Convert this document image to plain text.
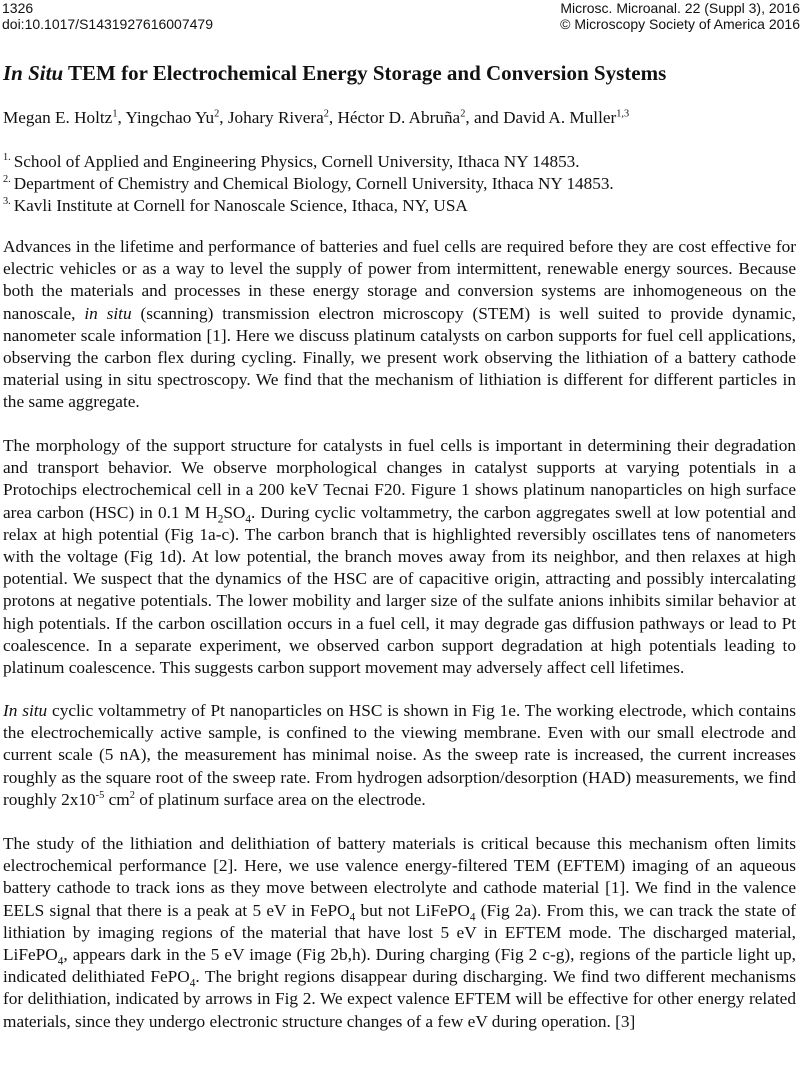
1326
doi:10.1017/S1431927616007479
Microsc. Microanal. 22 (Suppl 3), 2016
© Microscopy Society of America 2016
In Situ TEM for Electrochemical Energy Storage and Conversion Systems
Megan E. Holtz$^1$, Yingchao Yu$^2$, Johary Rivera$^2$, Héctor D. Abruña$^2$, and David A. Muller$^{1,3}$
$^{1.}$ School of Applied and Engineering Physics, Cornell University, Ithaca NY 14853.
$^{2.}$ Department of Chemistry and Chemical Biology, Cornell University, Ithaca NY 14853.
$^{3.}$ Kavli Institute at Cornell for Nanoscale Science, Ithaca, NY, USA

Advances in the lifetime and performance of batteries and fuel cells are required before they are cost effective for electric vehicles or as a way to level the supply of power from intermittent, renewable energy sources. Because both the materials and processes in these energy storage and conversion systems are inhomogeneous on the nanoscale, in situ (scanning) transmission electron microscopy (STEM) is well suited to provide dynamic, nanometer scale information [1]. Here we discuss platinum catalysts on carbon supports for fuel cell applications, observing the carbon flex during cycling. Finally, we present work observing the lithiation of a battery cathode material using in situ spectroscopy. We find that the mechanism of lithiation is different for different particles in the same aggregate.

The morphology of the support structure for catalysts in fuel cells is important in determining their degradation and transport behavior. We observe morphological changes in catalyst supports at varying potentials in a Protochips electrochemical cell in a 200 keV Tecnai F20. Figure 1 shows platinum nanoparticles on high surface area carbon (HSC) in 0.1 M $H_2SO_4$. During cyclic voltammetry, the carbon aggregates swell at low potential and relax at high potential (Fig 1a-c). The carbon branch that is highlighted reversibly oscillates tens of nanometers with the voltage (Fig 1d). At low potential, the branch moves away from its neighbor, and then relaxes at high potential. We suspect that the dynamics of the HSC are of capacitive origin, attracting and possibly intercalating protons at negative potentials. The lower mobility and larger size of the sulfate anions inhibits similar behavior at high potentials. If the carbon oscillation occurs in a fuel cell, it may degrade gas diffusion pathways or lead to Pt coalescence. In a separate experiment, we observed carbon support degradation at high potentials leading to platinum coalescence. This suggests carbon support movement may adversely affect cell lifetimes.

In situ cyclic voltammetry of Pt nanoparticles on HSC is shown in Fig 1e. The working electrode, which contains the electrochemically active sample, is confined to the viewing membrane. Even with our small electrode and current scale (5 nA), the measurement has minimal noise. As the sweep rate is increased, the current increases roughly as the square root of the sweep rate. From hydrogen adsorption/desorption (HAD) measurements, we find roughly $2x10^{-5}$ $cm^2$ of platinum surface area on the electrode.

The study of the lithiation and delithiation of battery materials is critical because this mechanism often limits electrochemical performance [2]. Here, we use valence energy-filtered TEM (EFTEM) imaging of an aqueous battery cathode to track ions as they move between electrolyte and cathode material [1]. We find in the valence EELS signal that there is a peak at 5 eV in FePO$_4$ but not LiFePO$_4$ (Fig 2a). From this, we can track the state of lithiation by imaging regions of the material that have lost 5 eV in EFTEM mode. The discharged material, LiFePO$_4$, appears dark in the 5 eV image (Fig 2b,h). During charging (Fig 2 c-g), regions of the particle light up, indicated delithiated FePO$_4$. The bright regions disappear during discharging. We find two different mechanisms for delithiation, indicated by arrows in Fig 2. We expect valence EFTEM will be effective for other energy related materials, since they undergo electronic structure changes of a few eV during operation. [3]
